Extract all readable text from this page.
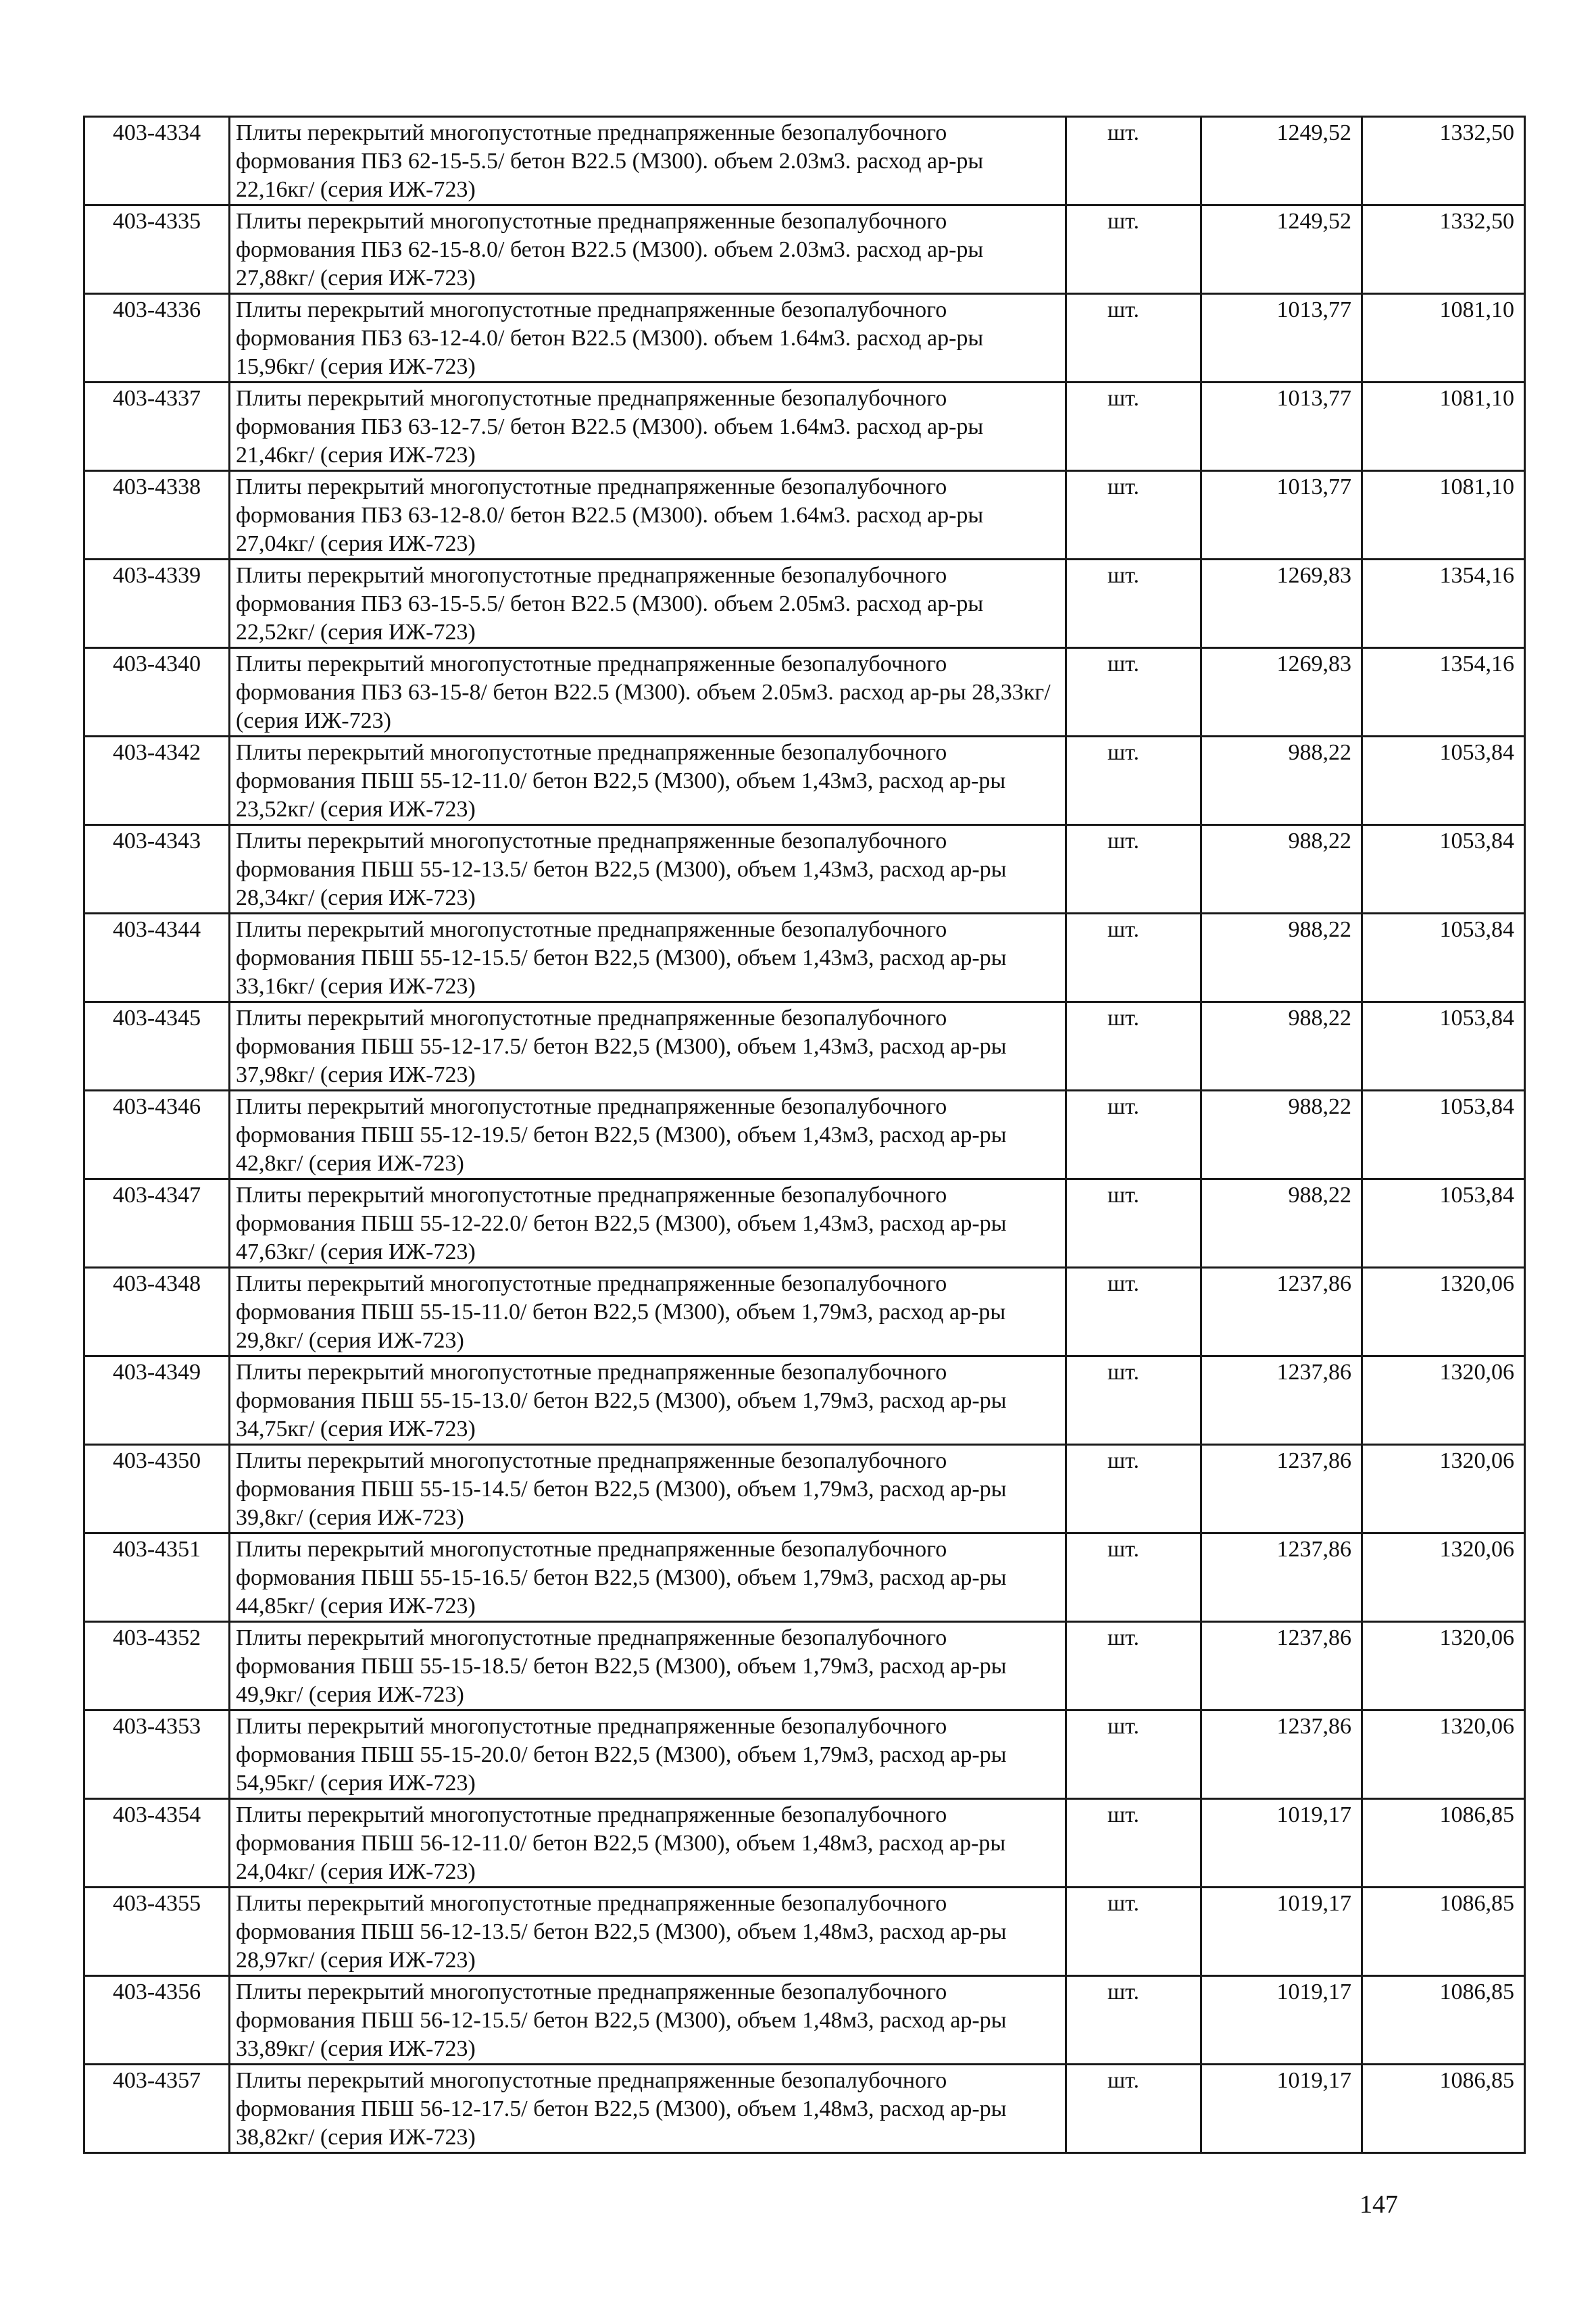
403-4334	Плиты перекрытий многопустотные преднапряженные безопалубочного формования ПБЗ 62-15-5.5/ бетон В22.5 (М300). объем 2.03м3. расход ар-ры 22,16кг/ (серия ИЖ-723)	шт.	1249,52	1332,50
403-4335	Плиты перекрытий многопустотные преднапряженные безопалубочного формования ПБЗ 62-15-8.0/ бетон В22.5 (М300). объем 2.03м3. расход ар-ры 27,88кг/ (серия ИЖ-723)	шт.	1249,52	1332,50
403-4336	Плиты перекрытий многопустотные преднапряженные безопалубочного формования ПБЗ 63-12-4.0/ бетон В22.5 (М300). объем 1.64м3. расход ар-ры 15,96кг/ (серия ИЖ-723)	шт.	1013,77	1081,10
403-4337	Плиты перекрытий многопустотные преднапряженные безопалубочного формования ПБЗ 63-12-7.5/ бетон В22.5 (М300). объем 1.64м3. расход ар-ры 21,46кг/ (серия ИЖ-723)	шт.	1013,77	1081,10
403-4338	Плиты перекрытий многопустотные преднапряженные безопалубочного формования ПБЗ 63-12-8.0/ бетон В22.5 (М300). объем 1.64м3. расход ар-ры 27,04кг/ (серия ИЖ-723)	шт.	1013,77	1081,10
403-4339	Плиты перекрытий многопустотные преднапряженные безопалубочного формования ПБЗ 63-15-5.5/ бетон В22.5 (М300). объем 2.05м3. расход ар-ры 22,52кг/ (серия ИЖ-723)	шт.	1269,83	1354,16
403-4340	Плиты перекрытий многопустотные преднапряженные безопалубочного формования ПБЗ 63-15-8/ бетон В22.5 (М300). объем 2.05м3. расход ар-ры 28,33кг/ (серия ИЖ-723)	шт.	1269,83	1354,16
403-4342	Плиты перекрытий многопустотные преднапряженные безопалубочного формования ПБШ 55-12-11.0/ бетон В22,5 (М300), объем 1,43м3, расход ар-ры 23,52кг/ (серия ИЖ-723)	шт.	988,22	1053,84
403-4343	Плиты перекрытий многопустотные преднапряженные безопалубочного формования ПБШ 55-12-13.5/ бетон В22,5 (М300), объем 1,43м3, расход ар-ры 28,34кг/ (серия ИЖ-723)	шт.	988,22	1053,84
403-4344	Плиты перекрытий многопустотные преднапряженные безопалубочного формования ПБШ 55-12-15.5/ бетон В22,5 (М300), объем 1,43м3, расход ар-ры 33,16кг/ (серия ИЖ-723)	шт.	988,22	1053,84
403-4345	Плиты перекрытий многопустотные преднапряженные безопалубочного формования ПБШ 55-12-17.5/ бетон В22,5 (М300), объем 1,43м3, расход ар-ры 37,98кг/ (серия ИЖ-723)	шт.	988,22	1053,84
403-4346	Плиты перекрытий многопустотные преднапряженные безопалубочного формования ПБШ 55-12-19.5/ бетон В22,5 (М300), объем 1,43м3, расход ар-ры 42,8кг/ (серия ИЖ-723)	шт.	988,22	1053,84
403-4347	Плиты перекрытий многопустотные преднапряженные безопалубочного формования ПБШ 55-12-22.0/ бетон В22,5 (М300), объем 1,43м3, расход ар-ры 47,63кг/ (серия ИЖ-723)	шт.	988,22	1053,84
403-4348	Плиты перекрытий многопустотные преднапряженные безопалубочного формования ПБШ 55-15-11.0/ бетон В22,5 (М300), объем 1,79м3, расход ар-ры 29,8кг/ (серия ИЖ-723)	шт.	1237,86	1320,06
403-4349	Плиты перекрытий многопустотные преднапряженные безопалубочного формования ПБШ 55-15-13.0/ бетон В22,5 (М300), объем 1,79м3, расход ар-ры 34,75кг/ (серия ИЖ-723)	шт.	1237,86	1320,06
403-4350	Плиты перекрытий многопустотные преднапряженные безопалубочного формования ПБШ 55-15-14.5/ бетон В22,5 (М300), объем 1,79м3, расход ар-ры 39,8кг/ (серия ИЖ-723)	шт.	1237,86	1320,06
403-4351	Плиты перекрытий многопустотные преднапряженные безопалубочного формования ПБШ 55-15-16.5/ бетон В22,5 (М300), объем 1,79м3, расход ар-ры 44,85кг/ (серия ИЖ-723)	шт.	1237,86	1320,06
403-4352	Плиты перекрытий многопустотные преднапряженные безопалубочного формования ПБШ 55-15-18.5/ бетон В22,5 (М300), объем 1,79м3, расход ар-ры 49,9кг/ (серия ИЖ-723)	шт.	1237,86	1320,06
403-4353	Плиты перекрытий многопустотные преднапряженные безопалубочного формования ПБШ 55-15-20.0/ бетон В22,5 (М300), объем 1,79м3, расход ар-ры 54,95кг/ (серия ИЖ-723)	шт.	1237,86	1320,06
403-4354	Плиты перекрытий многопустотные преднапряженные безопалубочного формования ПБШ 56-12-11.0/ бетон В22,5 (М300), объем 1,48м3, расход ар-ры 24,04кг/ (серия ИЖ-723)	шт.	1019,17	1086,85
403-4355	Плиты перекрытий многопустотные преднапряженные безопалубочного формования ПБШ 56-12-13.5/ бетон В22,5 (М300), объем 1,48м3, расход ар-ры 28,97кг/ (серия ИЖ-723)	шт.	1019,17	1086,85
403-4356	Плиты перекрытий многопустотные преднапряженные безопалубочного формования ПБШ 56-12-15.5/ бетон В22,5 (М300), объем 1,48м3, расход ар-ры 33,89кг/ (серия ИЖ-723)	шт.	1019,17	1086,85
403-4357	Плиты перекрытий многопустотные преднапряженные безопалубочного формования ПБШ 56-12-17.5/ бетон В22,5 (М300), объем 1,48м3, расход ар-ры 38,82кг/ (серия ИЖ-723)	шт.	1019,17	1086,85
147
